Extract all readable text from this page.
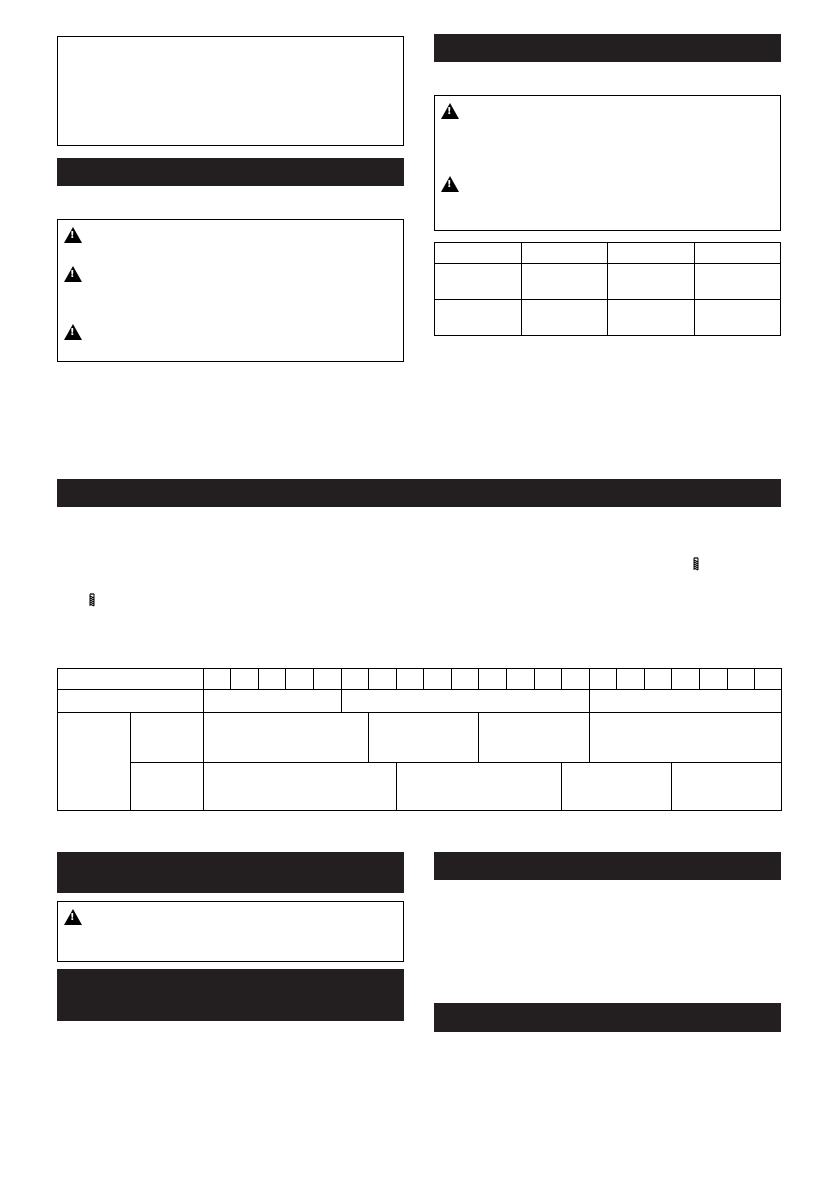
!
!
!
!
!

!
